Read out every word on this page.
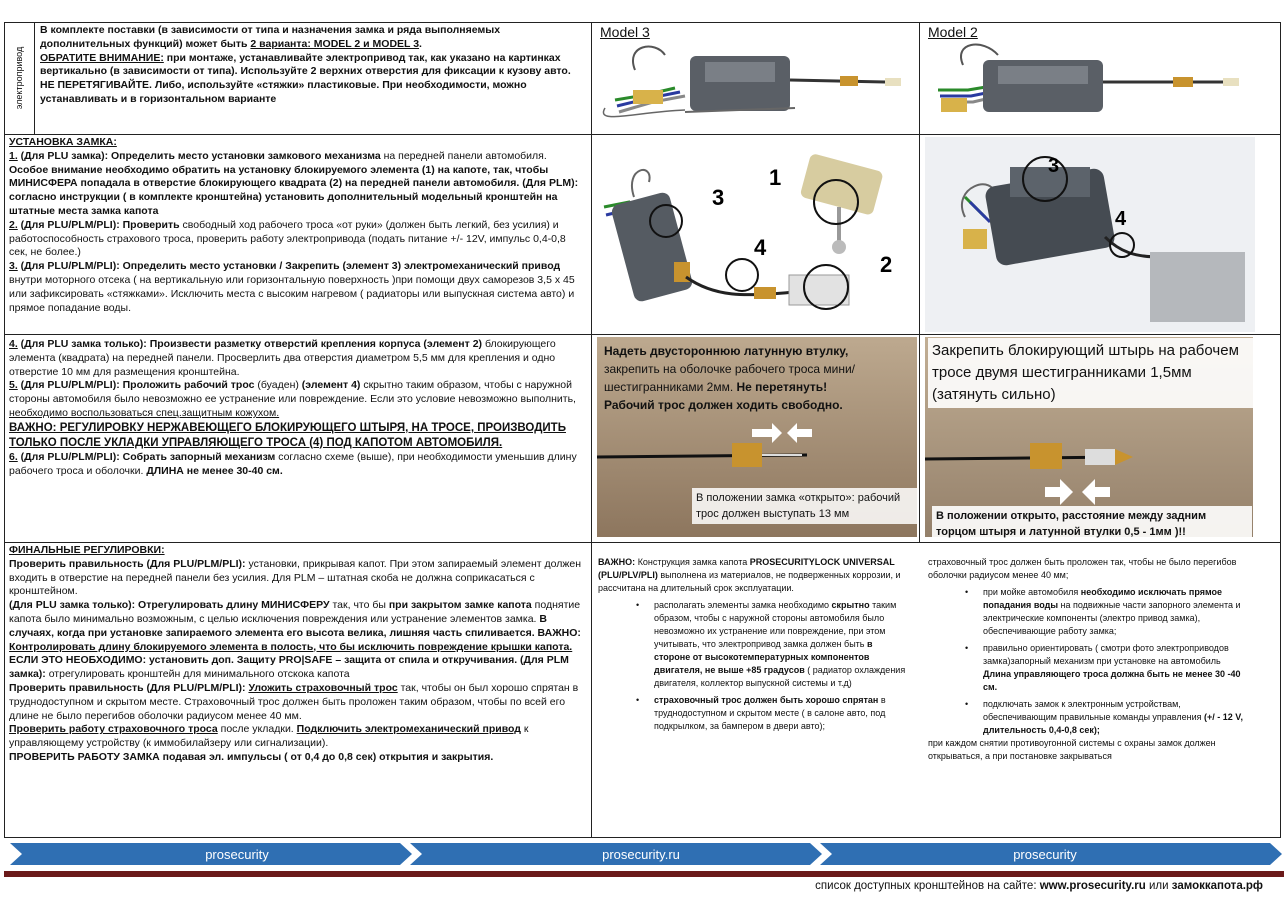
электропривод
В комплекте поставки (в зависимости от типа и назначения замка и ряда выполняемых дополнительных функций) может быть 2 варианта: MODEL 2 и MODEL 3.
ОБРАТИТЕ ВНИМАНИЕ: при монтаже, устанавливайте электропривод так, как указано на картинках вертикально (в зависимости от типа). Используйте 2 верхних отверстия для фиксации к кузову авто. НЕ ПЕРЕТЯГИВАЙТЕ. Либо, используйте «стяжки» пластиковые. При необходимости, можно устанавливать и в горизонтальном варианте
Model 3	Model 2
УСТАНОВКА ЗАМКА:
1. (Для PLU замка): Определить место установки замкового механизма на передней панели автомобиля. Особое внимание необходимо обратить на установку блокируемого элемента (1) на капоте, так, чтобы МИНИСФЕРА попадала в отверстие блокирующего квадрата (2) на передней панели автомобиля. (Для PLM): согласно инструкции ( в комплекте кронштейна) установить дополнительный модельный кронштейн на штатные места замка капота
2. (Для PLU/PLM/PLI): Проверить свободный ход рабочего троса «от руки» (должен быть легкий, без усилия) и работоспособность страхового троса, проверить работу электропривода (подать питание +/- 12V, импульс 0,4-0,8 сек, не более.)
3. (Для PLU/PLM/PLI): Определить место установки / Закрепить (элемент 3) электромеханический привод внутри моторного отсека ( на вертикальную или горизонтальную поверхность )при помощи двух саморезов 3,5 х 45 или зафиксировать «стяжками». Исключить места с высоким нагревом ( радиаторы или выпускная система авто) и прямое попадание воды.
3
1
4
2
3
4
4. (Для PLU замка только): Произвести разметку отверстий крепления корпуса (элемент 2) блокирующего элемента (квадрата) на передней панели. Просверлить два отверстия диаметром 5,5 мм для крепления и одно отверстие 10 мм для размещения кронштейна.
5. (Для PLU/PLM/PLI): Проложить рабочий трос (буаден) (элемент 4) скрытно таким образом, чтобы с наружной стороны автомобиля было невозможно ее устранение или повреждение. Если это условие невозможно выполнить, необходимо воспользоваться спец.защитным кожухом.
ВАЖНО: РЕГУЛИРОВКУ НЕРЖАВЕЮЩЕГО БЛОКИРУЮЩЕГО ШТЫРЯ, НА ТРОСЕ, ПРОИЗВОДИТЬ ТОЛЬКО ПОСЛЕ УКЛАДКИ УПРАВЛЯЮЩЕГО ТРОСА (4) ПОД КАПОТОМ АВТОМОБИЛЯ.
6. (Для PLU/PLM/PLI): Собрать запорный механизм согласно схеме (выше), при необходимости уменьшив длину рабочего троса и оболочки. ДЛИНА не менее 30-40 см.
Надеть двустороннюю латунную втулку,
закрепить на оболочке рабочего троса мини/шестигранниками 2мм. Не перетянуть!
Рабочий трос должен ходить свободно.
В положении замка «открыто»: рабочий трос должен выступать 13 мм
Закрепить блокирующий штырь на рабочем тросе двумя шестигранниками 1,5мм (затянуть сильно)
В положении открыто, расстояние между задним торцом штыря и латунной втулки 0,5 - 1мм )!!
ФИНАЛЬНЫЕ РЕГУЛИРОВКИ:
Проверить правильность (Для PLU/PLM/PLI): установки, прикрывая капот. При этом запираемый элемент должен входить в отверстие на передней панели без усилия. Для PLM – штатная скоба не должна соприкасаться с кронштейном.
(Для PLU замка только): Отрегулировать длину МИНИСФЕРУ так, что бы при закрытом замке капота поднятие капота было минимально возможным, с целью исключения повреждения или устранение элементов замка. В случаях, когда при установке запираемого элемента его высота велика, лишняя часть спиливается. ВАЖНО: Контролировать длину блокируемого элемента в полость, что бы исключить повреждение крышки капота.
ЕСЛИ ЭТО НЕОБХОДИМО: установить доп. Защиту PRO|SAFE – защита от спила и откручивания. (Для PLM замка): отрегулировать кронштейн для минимального отскока капота
Проверить правильность (Для PLU/PLM/PLI): Уложить страховочный трос так, чтобы он был хорошо спрятан в труднодоступном и скрытом месте. Страховочный трос должен быть проложен таким образом, чтобы по всей его длине не было перегибов оболочки радиусом менее 40 мм.
Проверить работу страховочного троса после укладки. Подключить электромеханический привод к управляющему устройству (к иммобилайзеру или сигнализации).
ПРОВЕРИТЬ РАБОТУ ЗАМКА подавая эл. импульсы ( от 0,4 до 0,8 сек) открытия и закрытия.
ВАЖНО: Конструкция замка капота PROSECURITYLOCK UNIVERSAL (PLU/PLV/PLI) выполнена из материалов, не подверженных коррозии, и рассчитана на длительный срок эксплуатации.
• располагать элементы замка необходимо скрытно таким образом, чтобы с наружной стороны автомобиля было невозможно их устранение или повреждение, при этом учитывать, что электропривод замка должен быть в стороне от высокотемпературных компонентов двигателя, не выше +85 градусов ( радиатор охлаждения двигателя, коллектор выпускной системы и т.д)
• страховочный трос должен быть хорошо спрятан в труднодоступном и скрытом месте ( в салоне авто, под подкрылком, за бампером в двери авто);
страховочный трос должен быть проложен так, чтобы не было перегибов оболочки радиусом менее 40 мм;
• при мойке автомобиля необходимо исключать прямое попадания воды на подвижные части запорного элемента и электрические компоненты (электро привод замка), обеспечивающие работу замка;
• правильно ориентировать ( смотри фото электроприводов замка)запорный механизм при установке на автомобиль Длина управляющего троса должна быть не менее 30 -40 см.
• подключать замок к электронным устройствам, обеспечивающим правильные команды управления (+/ - 12 V, длительность 0,4-0,8 сек);
при каждом снятии противоугонной системы с охраны замок должен открываться, а при постановке закрываться
prosecurity	prosecurity.ru	prosecurity
список доступных кронштейнов на сайте: www.prosecurity.ru или замоккапота.рф
